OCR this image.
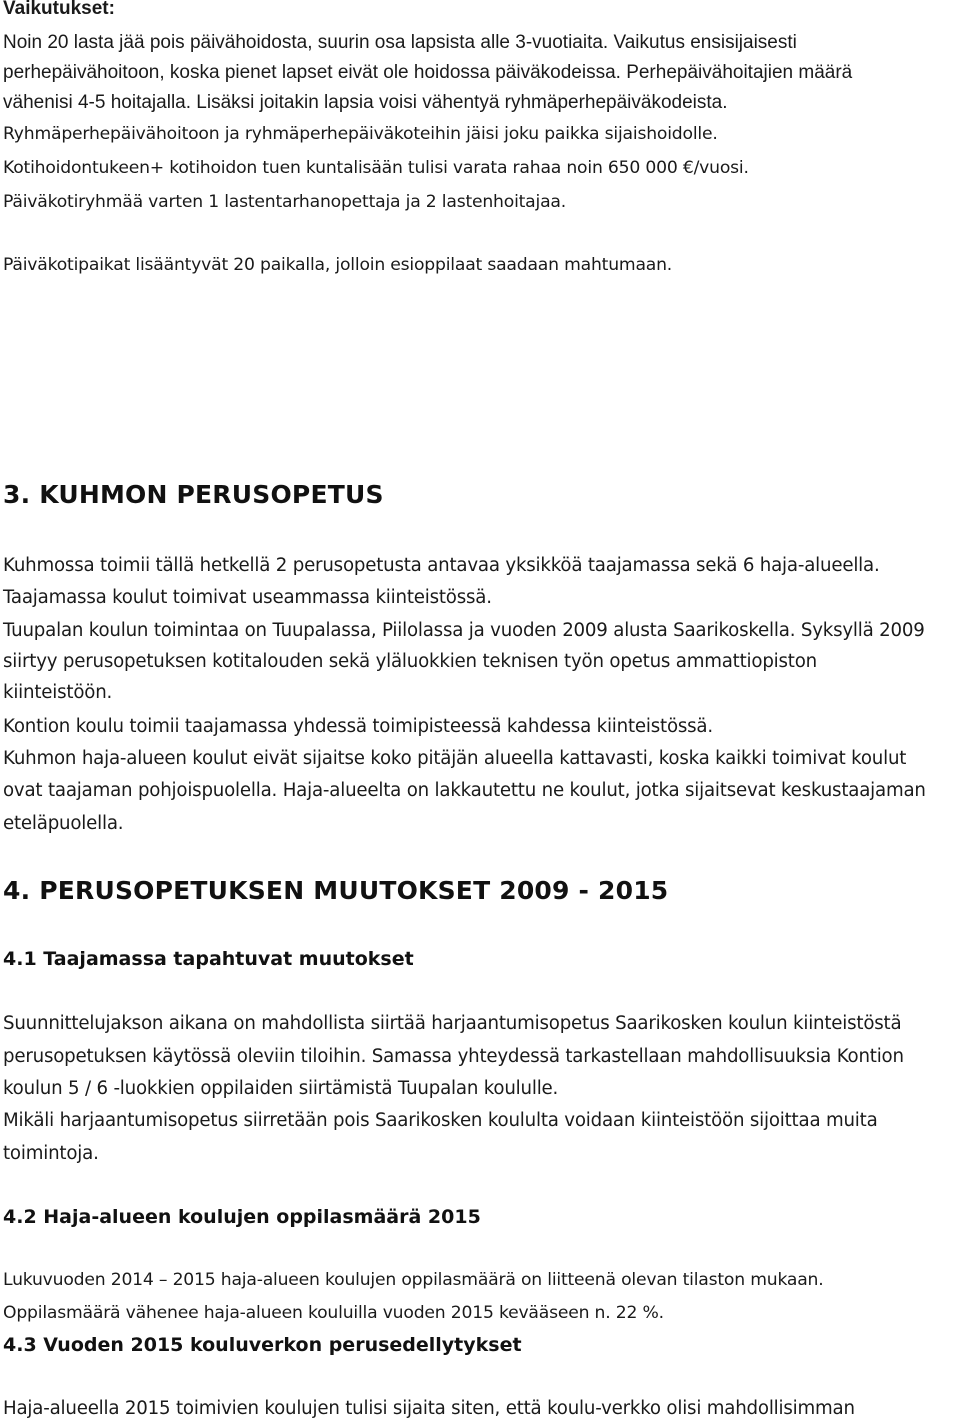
Vaikutukset:
Noin 20 lasta jää pois päivähoidosta, suurin osa lapsista alle 3-vuotiaita. Vaikutus ensisijaisesti
perhepäivähoitoon, koska pienet lapset eivät ole hoidossa päiväkodeissa. Perhepäivähoitajien määrä
vähenisi 4-5 hoitajalla. Lisäksi joitakin lapsia voisi vähentyä ryhmäperhepäiväkodeista.
Ryhmäperhepäivähoitoon ja ryhmäperhepäiväkoteihin jäisi joku paikka sijaishoidolle.
Kotihoidontukeen+ kotihoidon tuen kuntalisään tulisi varata rahaa noin 650 000 €/vuosi.
Päiväkotiryhmää varten 1 lastentarhanopettaja ja 2 lastenhoitajaa.
Päiväkotipaikat lisääntyvät 20 paikalla, jolloin esioppilaat saadaan mahtumaan.
3. KUHMON PERUSOPETUS
Kuhmossa toimii tällä hetkellä 2 perusopetusta antavaa yksikköä taajamassa sekä 6 haja-alueella.
Taajamassa koulut toimivat useammassa kiinteistössä.
Tuupalan koulun toimintaa on Tuupalassa, Piilolassa ja vuoden 2009 alusta Saarikoskella. Syksyllä 2009
siirtyy perusopetuksen kotitalouden sekä yläluokkien teknisen työn opetus ammattiopiston
kiinteistöön.
Kontion koulu toimii taajamassa yhdessä toimipisteessä kahdessa kiinteistössä.
Kuhmon haja-alueen koulut eivät sijaitse koko pitäjän alueella kattavasti, koska kaikki toimivat koulut
ovat taajaman pohjoispuolella. Haja-alueelta on lakkautettu ne koulut, jotka sijaitsevat keskustaajaman
eteläpuolella.
4. PERUSOPETUKSEN MUUTOKSET 2009 - 2015
4.1 Taajamassa tapahtuvat muutokset
Suunnittelujakson aikana on mahdollista siirtää harjaantumisopetus Saarikosken koulun kiinteistöstä
perusopetuksen käytössä oleviin tiloihin. Samassa yhteydessä tarkastellaan mahdollisuuksia Kontion
koulun 5 / 6 -luokkien oppilaiden siirtämistä Tuupalan koululle.
Mikäli harjaantumisopetus siirretään pois Saarikosken koululta voidaan kiinteistöön sijoittaa muita
toimintoja.
4.2 Haja-alueen koulujen oppilasmäärä 2015
Lukuvuoden 2014 – 2015 haja-alueen koulujen oppilasmäärä on liitteenä olevan tilaston mukaan.
Oppilasmäärä vähenee haja-alueen kouluilla vuoden 2015 kevääseen n. 22 %.
4.3 Vuoden 2015 kouluverkon perusedellytykset
Haja-alueella 2015 toimivien koulujen tulisi sijaita siten, että koulu-verkko olisi mahdollisimman
